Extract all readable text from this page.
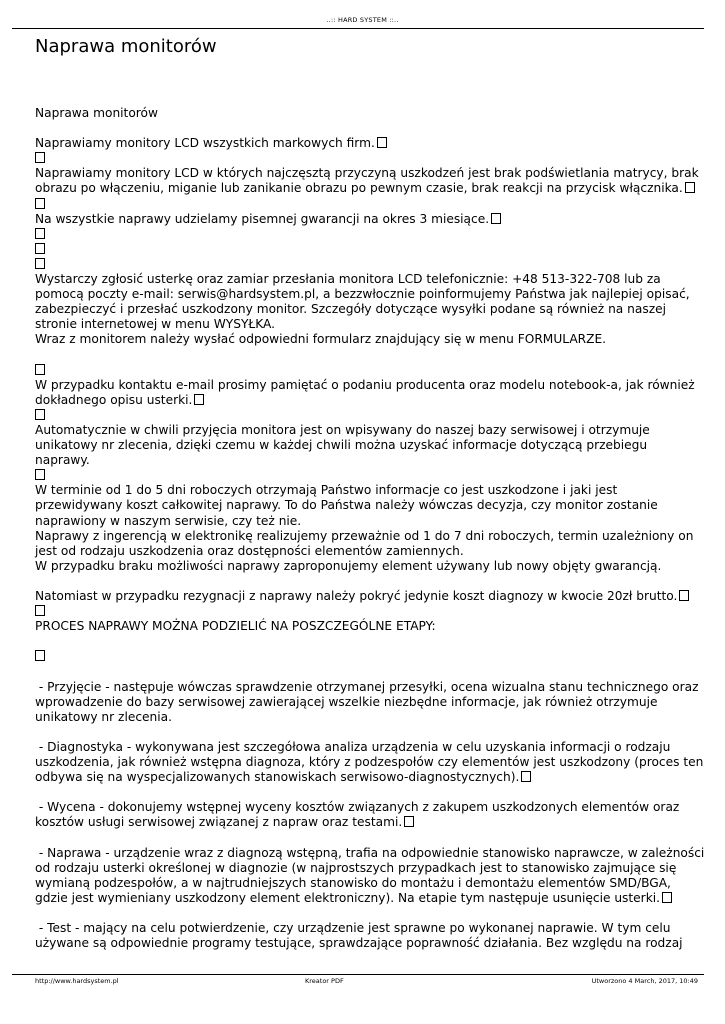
..:: HARD SYSTEM ::..
Naprawa monitorów

Naprawa monitorów

Naprawiamy monitory LCD wszystkich markowych firm.

Naprawiamy monitory LCD w których najczęsztą przyczyną uszkodzeń jest brak podświetlania matrycy, brak obrazu po włączeniu, miganie lub zanikanie obrazu po pewnym czasie, brak reakcji na przycisk włącznika.

Na wszystkie naprawy udzielamy pisemnej gwarancji na okres 3 miesiące.

Wystarczy zgłosić usterkę oraz zamiar przesłania monitora LCD telefonicznie: +48 513-322-708 lub za pomocą poczty e-mail: serwis@hardsystem.pl, a bezzwłocznie poinformujemy Państwa jak najlepiej opisać, zabezpieczyć i przesłać uszkodzony monitor. Szczegóły dotyczące wysyłki podane są również na naszej stronie internetowej w menu WYSYŁKA.

Wraz z monitorem należy wysłać odpowiedni formularz znajdujący się w menu FORMULARZE.

W przypadku kontaktu e-mail prosimy pamiętać o podaniu producenta oraz modelu notebook-a, jak również dokładnego opisu usterki.

Automatycznie w chwili przyjęcia monitora jest on wpisywany do naszej bazy serwisowej i otrzymuje unikatowy nr zlecenia, dzięki czemu w każdej chwili można uzyskać informacje dotyczącą przebiegu naprawy.

W terminie od 1 do 5 dni roboczych otrzymają Państwo informacje co jest uszkodzone i jaki jest przewidywany koszt całkowitej naprawy. To do Państwa należy wówczas decyzja, czy monitor zostanie naprawiony w naszym serwisie, czy też nie.

Naprawy z ingerencją w elektronikę realizujemy przeważnie od 1 do 7 dni roboczych, termin uzależniony on jest od rodzaju uszkodzenia oraz dostępności elementów zamiennych.

W przypadku braku możliwości naprawy zaproponujemy element używany lub nowy objęty gwarancją.

Natomiast w przypadku rezygnacji z naprawy należy pokryć jedynie koszt diagnozy w kwocie 20zł brutto.

PROCES NAPRAWY MOŻNA PODZIELIĆ NA POSZCZEGÓLNE ETAPY:

- Przyjęcie - następuje wówczas sprawdzenie otrzymanej przesyłki, ocena wizualna stanu technicznego oraz wprowadzenie do bazy serwisowej zawierającej wszelkie niezbędne informacje, jak również otrzymuje unikatowy nr zlecenia.

- Diagnostyka - wykonywana jest szczegółowa analiza urządzenia w celu uzyskania informacji o rodzaju uszkodzenia, jak również wstępna diagnoza, który z podzespołów czy elementów jest uszkodzony (proces ten odbywa się na wyspecjalizowanych stanowiskach serwisowo-diagnostycznych).

- Wycena - dokonujemy wstępnej wyceny kosztów związanych z zakupem uszkodzonych elementów oraz kosztów usługi serwisowej związanej z napraw oraz testami.

- Naprawa - urządzenie wraz z diagnozą wstępną, trafia na odpowiednie stanowisko naprawcze, w zależności od rodzaju usterki określonej w diagnozie (w najprostszych przypadkach jest to stanowisko zajmujące się wymianą podzespołów, a w najtrudniejszych stanowisko do montażu i demontażu elementów SMD/BGA, gdzie jest wymieniany uszkodzony element elektroniczny). Na etapie tym następuje usunięcie usterki.

- Test - mający na celu potwierdzenie, czy urządzenie jest sprawne po wykonanej naprawie. W tym celu używane są odpowiednie programy testujące, sprawdzające poprawność działania. Bez względu na rodzaj

http://www.hardsystem.pl	Kreator PDF	Utworzono 4 March, 2017, 10:49
